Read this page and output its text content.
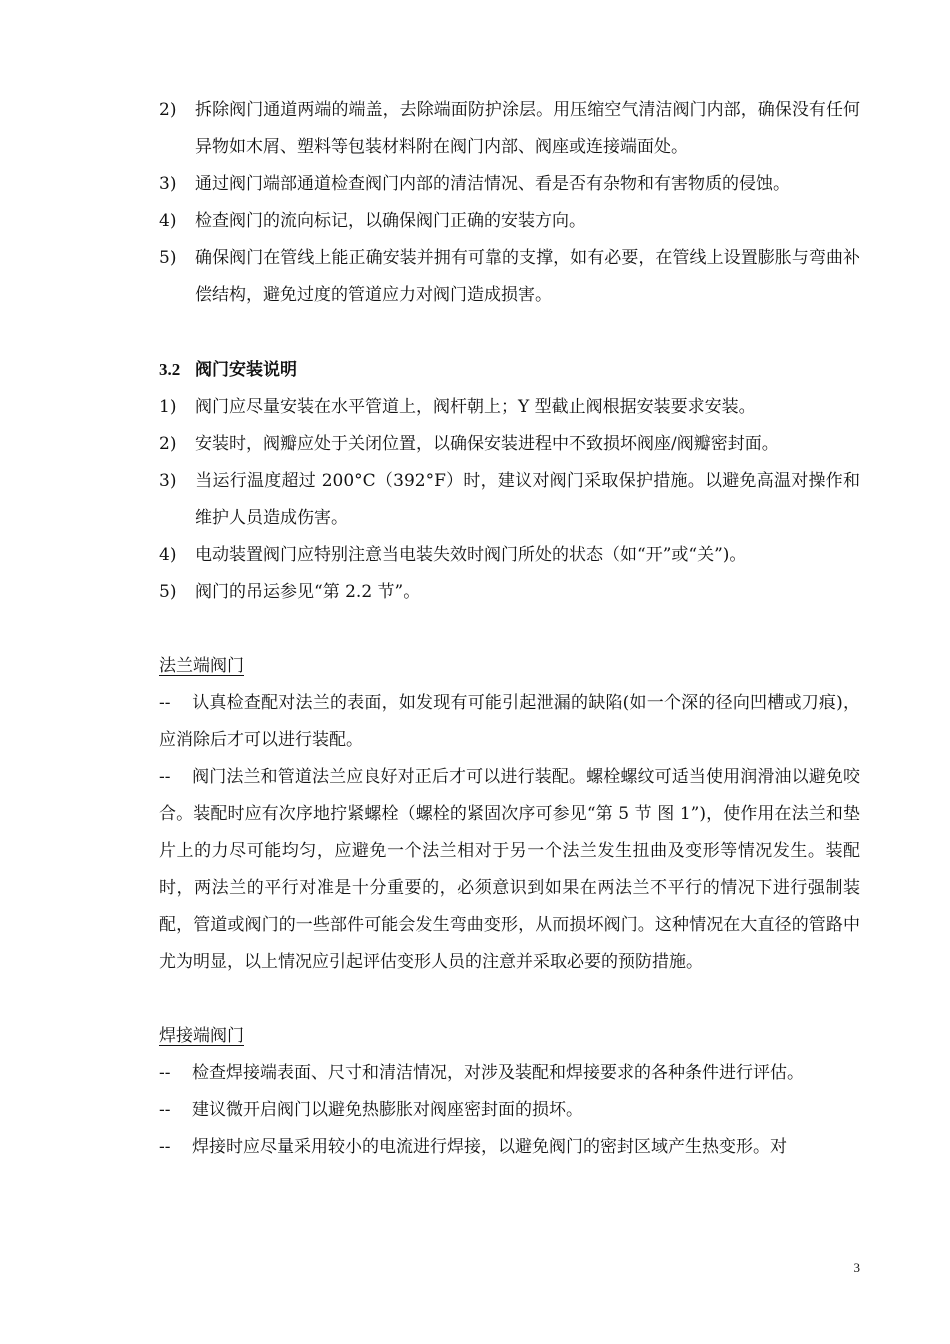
2) 拆除阀门通道两端的端盖，去除端面防护涂层。用压缩空气清洁阀门内部，确保没有任何异物如木屑、塑料等包装材料附在阀门内部、阀座或连接端面处。

3) 通过阀门端部通道检查阀门内部的清洁情况、看是否有杂物和有害物质的侵蚀。

4) 检查阀门的流向标记，以确保阀门正确的安装方向。

5) 确保阀门在管线上能正确安装并拥有可靠的支撑，如有必要，在管线上设置膨胀与弯曲补偿结构，避免过度的管道应力对阀门造成损害。

3.2 阀门安装说明

1) 阀门应尽量安装在水平管道上，阀杆朝上；Y 型截止阀根据安装要求安装。

2) 安装时，阀瓣应处于关闭位置，以确保安装进程中不致损坏阀座/阀瓣密封面。

3) 当运行温度超过 200°C（392°F）时，建议对阀门采取保护措施。以避免高温对操作和维护人员造成伤害。

4) 电动装置阀门应特别注意当电装失效时阀门所处的状态（如“开”或“关”)。

5) 阀门的吊运参见“第 2.2 节”。

法兰端阀门

-- 认真检查配对法兰的表面，如发现有可能引起泄漏的缺陷(如一个深的径向凹槽或刀痕)，应消除后才可以进行装配。

-- 阀门法兰和管道法兰应良好对正后才可以进行装配。螺栓螺纹可适当使用润滑油以避免咬合。装配时应有次序地拧紧螺栓（螺栓的紧固次序可参见“第 5 节 图 1”)，使作用在法兰和垫片上的力尽可能均匀，应避免一个法兰相对于另一个法兰发生扭曲及变形等情况发生。装配时，两法兰的平行对准是十分重要的，必须意识到如果在两法兰不平行的情况下进行强制装配，管道或阀门的一些部件可能会发生弯曲变形，从而损坏阀门。这种情况在大直径的管路中尤为明显，以上情况应引起评估变形人员的注意并采取必要的预防措施。

焊接端阀门

-- 检查焊接端表面、尺寸和清洁情况，对涉及装配和焊接要求的各种条件进行评估。

-- 建议微开启阀门以避免热膨胀对阀座密封面的损坏。

-- 焊接时应尽量采用较小的电流进行焊接，以避免阀门的密封区域产生热变形。对

3
